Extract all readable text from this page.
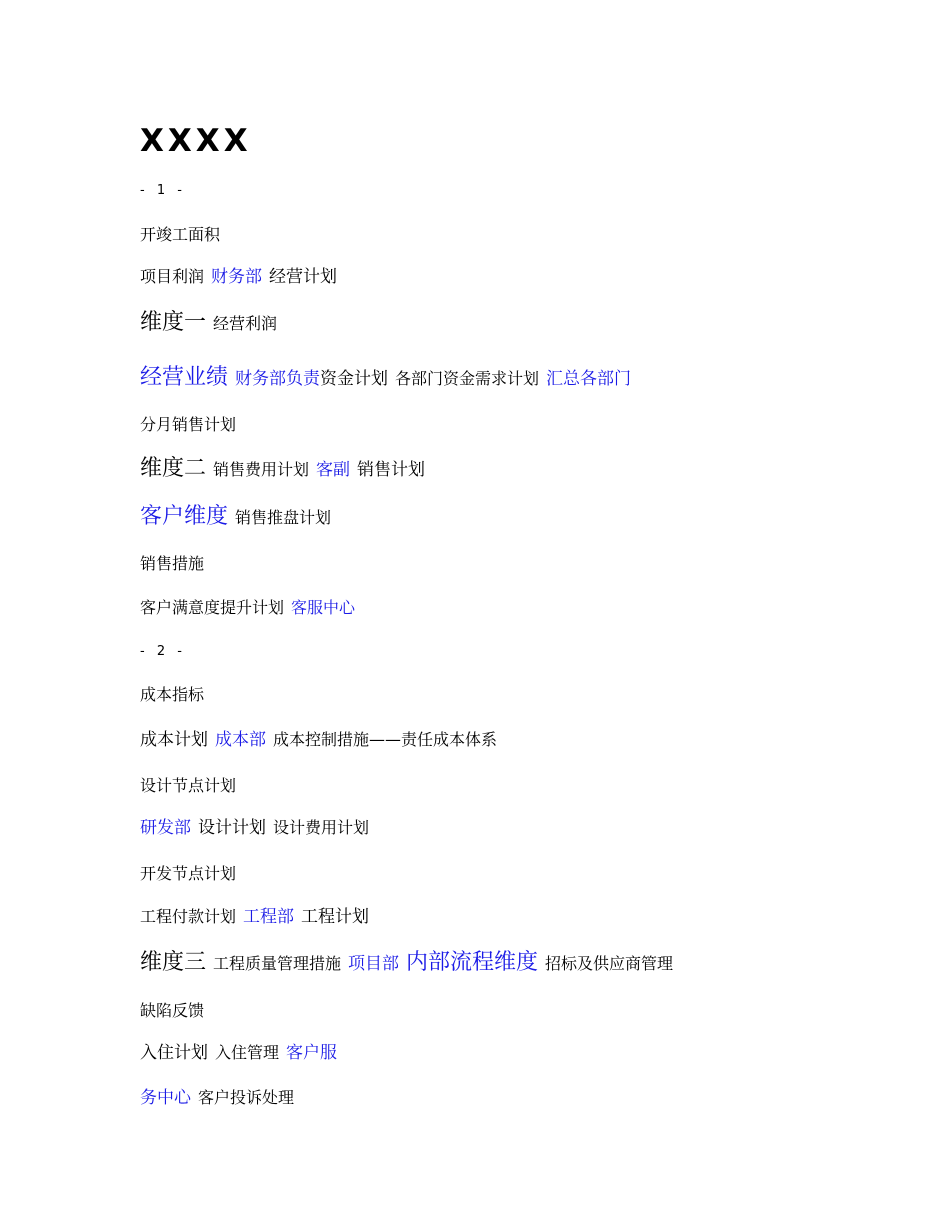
XXXX
- 1 -
开竣工面积
项目利润 财务部 经营计划
维度一 经营利润
经营业绩 财务部负责资金计划 各部门资金需求计划 汇总各部门
分月销售计划
维度二 销售费用计划 客副 销售计划
客户维度 销售推盘计划
销售措施
客户满意度提升计划 客服中心
- 2 -
成本指标
成本计划 成本部 成本控制措施——责任成本体系
设计节点计划
研发部 设计计划 设计费用计划
开发节点计划
工程付款计划 工程部 工程计划
维度三 工程质量管理措施 项目部 内部流程维度 招标及供应商管理
缺陷反馈
入住计划 入住管理 客户服
务中心 客户投诉处理
